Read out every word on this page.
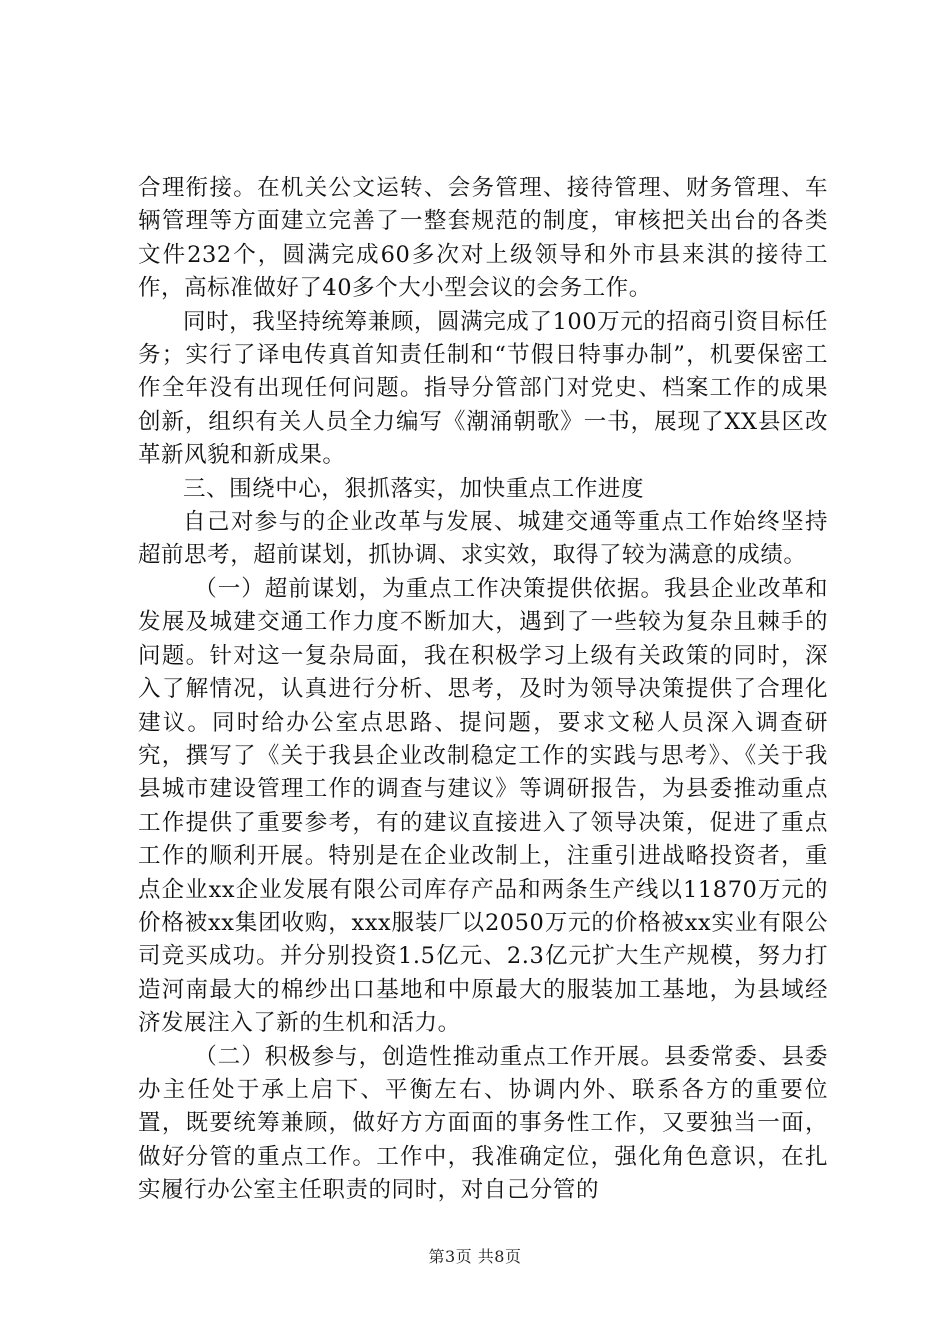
合理衔接。在机关公文运转、会务管理、接待管理、财务管理、车辆管理等方面建立完善了一整套规范的制度，审核把关出台的各类文件232个，圆满完成60多次对上级领导和外市县来淇的接待工作，高标准做好了40多个大小型会议的会务工作。

同时，我坚持统筹兼顾，圆满完成了100万元的招商引资目标任务；实行了译电传真首知责任制和“节假日特事办制”，机要保密工作全年没有出现任何问题。指导分管部门对党史、档案工作的成果创新，组织有关人员全力编写《潮涌朝歌》一书，展现了XX县区改革新风貌和新成果。

三、围绕中心，狠抓落实，加快重点工作进度

自己对参与的企业改革与发展、城建交通等重点工作始终坚持超前思考，超前谋划，抓协调、求实效，取得了较为满意的成绩。

（一）超前谋划，为重点工作决策提供依据。我县企业改革和发展及城建交通工作力度不断加大，遇到了一些较为复杂且棘手的问题。针对这一复杂局面，我在积极学习上级有关政策的同时，深入了解情况，认真进行分析、思考，及时为领导决策提供了合理化建议。同时给办公室点思路、提问题，要求文秘人员深入调查研究，撰写了《关于我县企业改制稳定工作的实践与思考》、《关于我县城市建设管理工作的调查与建议》等调研报告，为县委推动重点工作提供了重要参考，有的建议直接进入了领导决策，促进了重点工作的顺利开展。特别是在企业改制上，注重引进战略投资者，重点企业xx企业发展有限公司库存产品和两条生产线以11870万元的价格被xx集团收购，xxx服装厂以2050万元的价格被xx实业有限公司竞买成功。并分别投资1.5亿元、2.3亿元扩大生产规模，努力打造河南最大的棉纱出口基地和中原最大的服装加工基地，为县域经济发展注入了新的生机和活力。

（二）积极参与，创造性推动重点工作开展。县委常委、县委办主任处于承上启下、平衡左右、协调内外、联系各方的重要位置，既要统筹兼顾，做好方方面面的事务性工作，又要独当一面，做好分管的重点工作。工作中，我准确定位，强化角色意识，在扎实履行办公室主任职责的同时，对自己分管的

第3页 共8页
